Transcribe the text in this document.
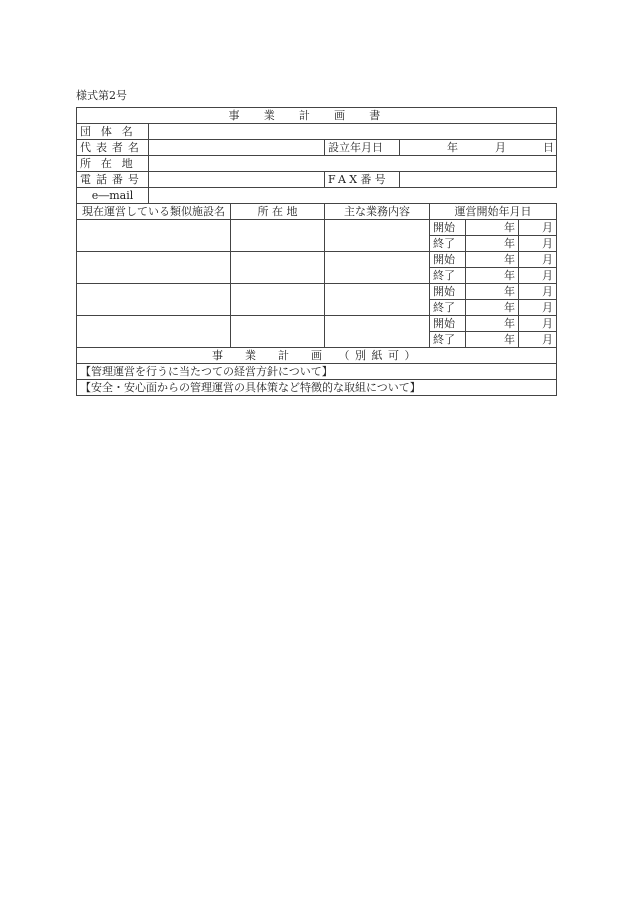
様式第2号
事業計画書							
団体名							
代表者名			設立年月日	年 月 日			
所在地							
電話番号			FAX番号				
e―mail							
現在運営している類似施設名		所 在 地	主な業務内容		運営開始年月日		
					開始	年	月
					終了	年	月
					開始	年	月
					終了	年	月
					開始	年	月
					終了	年	月
					開始	年	月
					終了	年	月
事　業　計　画　（別紙可）							
【管理運営を行うに当たつての経営方針について】							
【安全・安心面からの管理運営の具体策など特徴的な取組について】							
